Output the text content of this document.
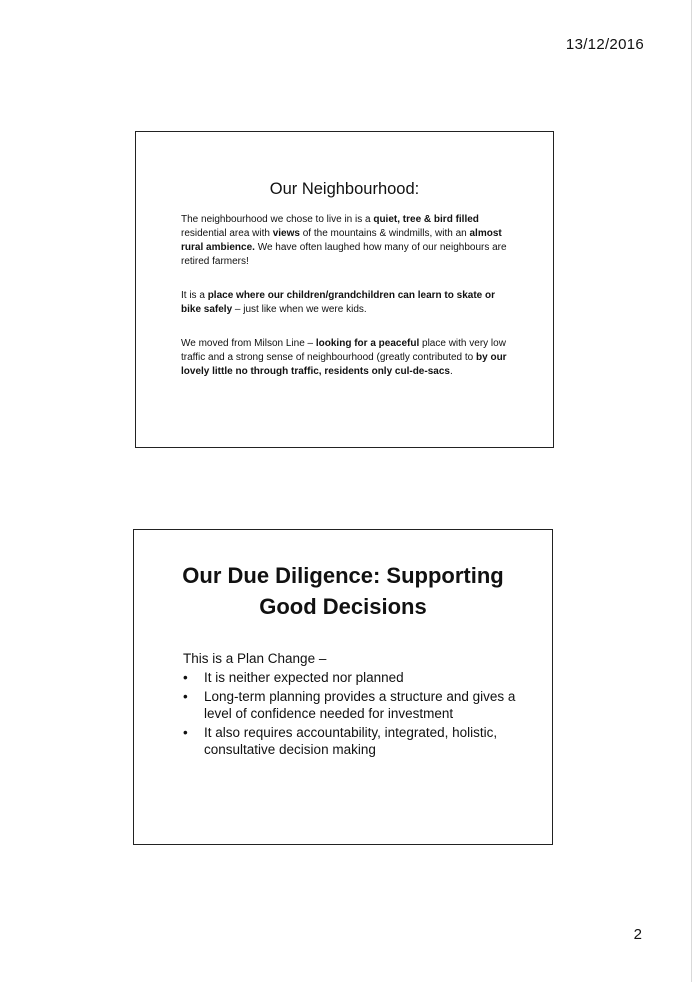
13/12/2016
Our Neighbourhood:

The neighbourhood we chose to live in is a quiet, tree & bird filled residential area with views of the mountains & windmills, with an almost rural ambience. We have often laughed how many of our neighbours are retired farmers!

It is a place where our children/grandchildren can learn to skate or bike safely – just like when we were kids.

We moved from Milson Line – looking for a peaceful place with very low traffic and a strong sense of neighbourhood (greatly contributed to by our lovely little no through traffic, residents only cul-de-sacs.

Our Due Diligence: Supporting
Good Decisions
This is a Plan Change –
• It is neither expected nor planned
• Long-term planning provides a structure and gives a level of confidence needed for investment
• It also requires accountability, integrated, holistic, consultative decision making
2
